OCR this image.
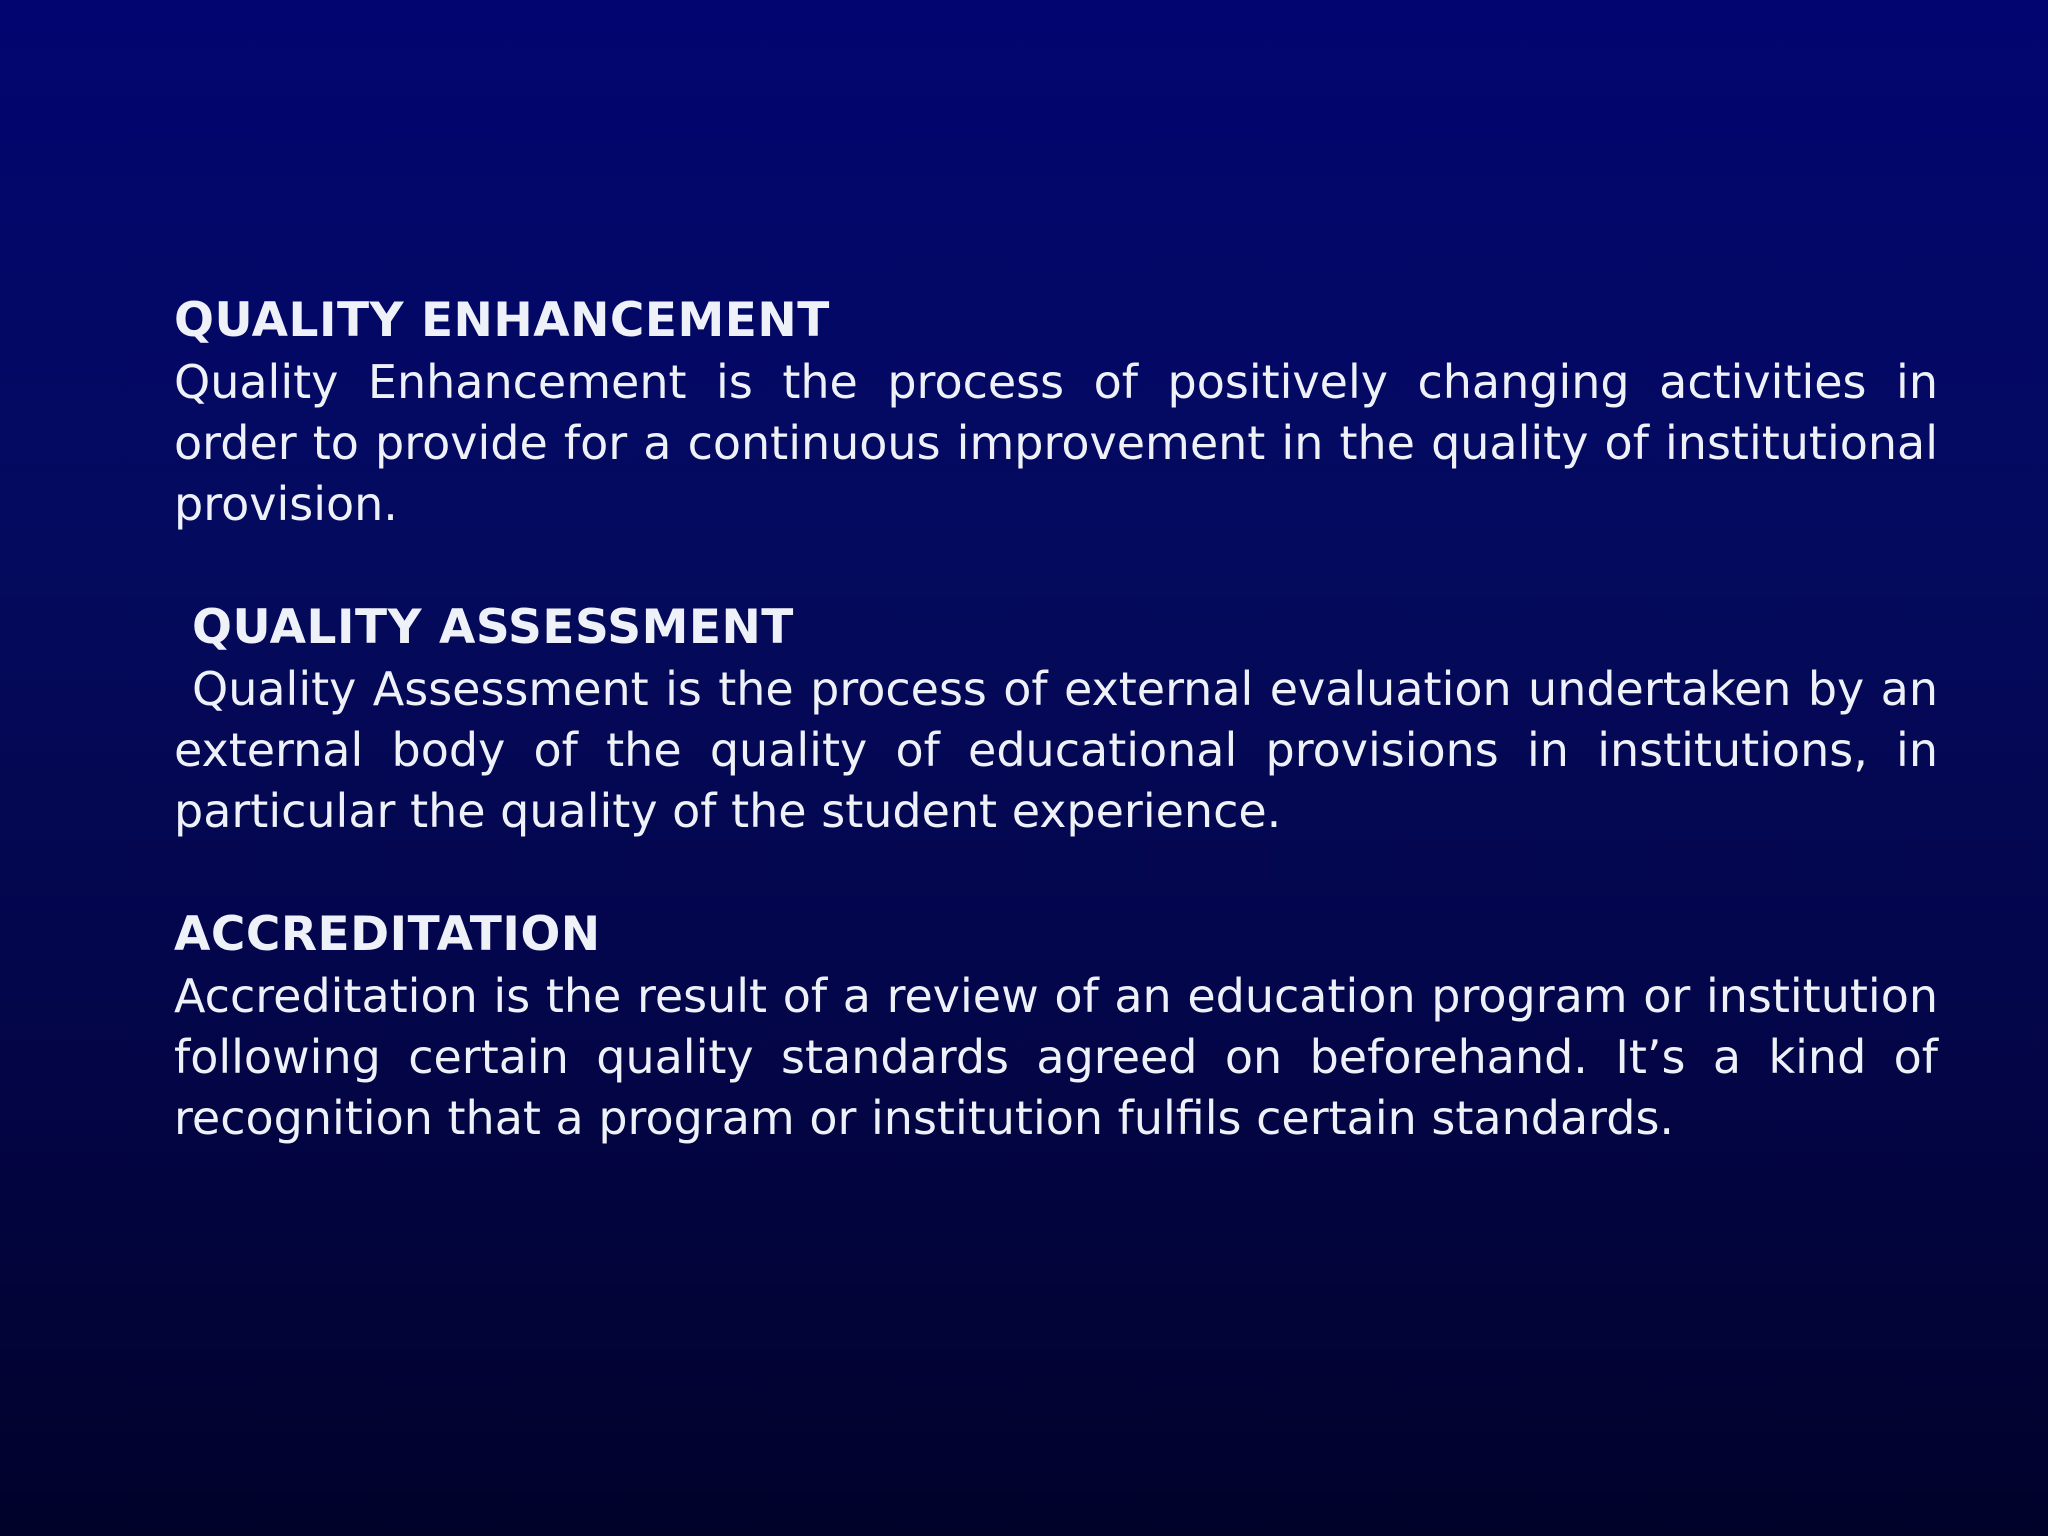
QUALITY ENHANCEMENT

Quality Enhancement is the process of positively changing activities in order to provide for a continuous improvement in the quality of institutional provision.

QUALITY ASSESSMENT

Quality Assessment is the process of external evaluation undertaken by an external body of the quality of educational provisions in institutions, in particular the quality of the student experience.

ACCREDITATION

Accreditation is the result of a review of an education program or institution following certain quality standards agreed on beforehand. It’s a kind of recognition that a program or institution fulfils certain standards.
